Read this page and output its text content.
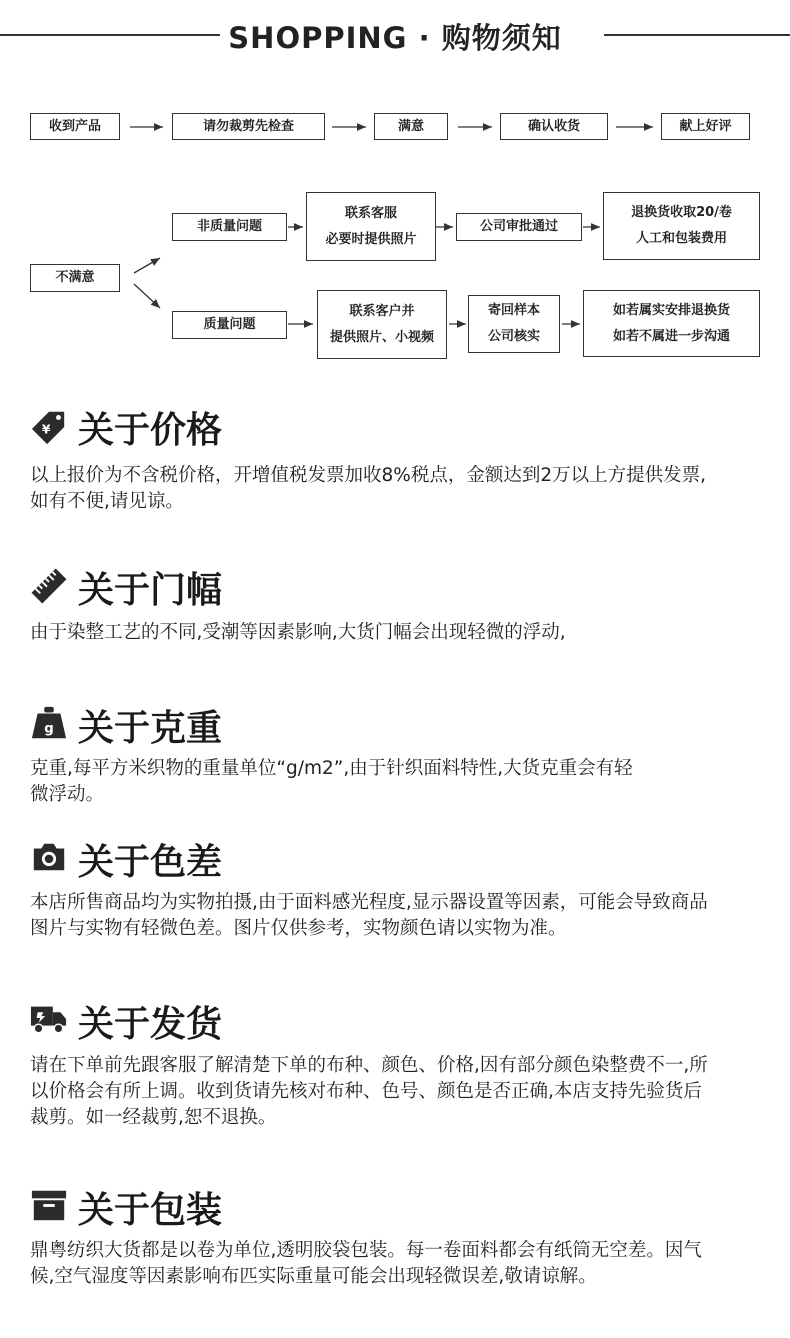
SHOPPING · 购物须知
收到产品	请勿裁剪先检查	满意	确认收货	献上好评
不满意
非质量问题
联系客服
必要时提供照片
公司审批通过
退换货收取20/卷
人工和包装费用
质量问题
联系客户并
提供照片、小视频
寄回样本
公司核实
如若属实安排退换货
如若不属进一步沟通
¥ 关于价格
以上报价为不含税价格，开增值税发票加收8%税点，金额达到2万以上方提供发票,
如有不便,请见谅。
关于门幅
由于染整工艺的不同,受潮等因素影响,大货门幅会出现轻微的浮动,
g 关于克重
克重,每平方米织物的重量单位“g/m2”,由于针织面料特性,大货克重会有轻
微浮动。
关于色差
本店所售商品均为实物拍摄,由于面料感光程度,显示器设置等因素，可能会导致商品
图片与实物有轻微色差。图片仅供参考，实物颜色请以实物为准。
关于发货
请在下单前先跟客服了解清楚下单的布种、颜色、价格,因有部分颜色染整费不一,所
以价格会有所上调。收到货请先核对布种、色号、颜色是否正确,本店支持先验货后
裁剪。如一经裁剪,恕不退换。
关于包装
鼎粤纺织大货都是以卷为单位,透明胶袋包装。每一卷面料都会有纸筒无空差。因气
候,空气湿度等因素影响布匹实际重量可能会出现轻微误差,敬请谅解。
